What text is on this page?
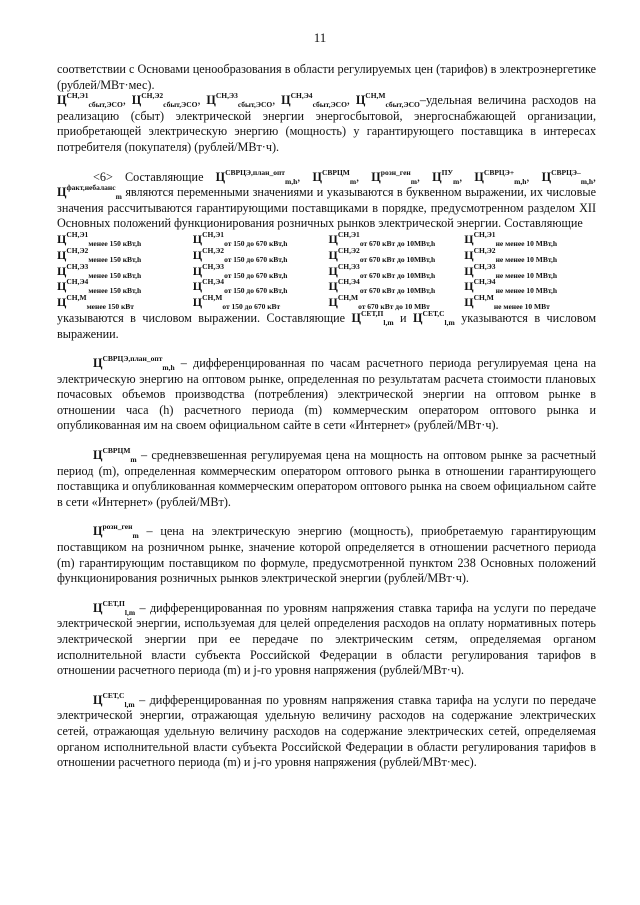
11

соответствии с Основами ценообразования в области регулируемых цен (тарифов) в электроэнергетике (рублей/МВт·мес).

$Ц^{СН,Э1}_{сбыт,ЭСО}$, $Ц^{СН,Э2}_{сбыт,ЭСО}$, $Ц^{СН,Э3}_{сбыт,ЭСО}$, $Ц^{СН,Э4}_{сбыт,ЭСО}$, $Ц^{СН,М}_{сбыт,ЭСО}$–удельная величина расходов на реализацию (сбыт) электрической энергии энергосбытовой, энергоснабжающей организации, приобретающей электрическую энергию (мощность) у гарантирующего поставщика в интересах потребителя (покупателя) (рублей/МВт·ч).

<6> Составляющие $Ц^{СВРЦЭ,план\_опт}_{m,h}$, $Ц^{СВРЦМ}_m$, $Ц^{розн\_ген}_m$, $Ц^{ПУ}_m$, $Ц^{СВРЦЭ+}_{m,h}$, $Ц^{СВРЦЭ-}_{m,h}$, $Ц^{факт,небаланс}_m$ являются переменными значениями и указываются в буквенном выражении, их числовые значения рассчитываются гарантирующими поставщиками в порядке, предусмотренном разделом XII Основных положений функционирования розничных рынков электрической энергии. Составляющие

$Ц^{СН,Э1}_{менее 150 кВт,h}$	$Ц^{СН,Э1}_{от 150 до 670 кВт,h}$	$Ц^{СН,Э1}_{от 670 кВт до 10МВт,h}$	$Ц^{СН,Э1}_{не менее 10 МВт,h}$
$Ц^{СН,Э2}_{менее 150 кВт,h}$	$Ц^{СН,Э2}_{от 150 до 670 кВт,h}$	$Ц^{СН,Э2}_{от 670 кВт до 10МВт,h}$	$Ц^{СН,Э2}_{не менее 10 МВт,h}$
$Ц^{СН,Э3}_{менее 150 кВт,h}$	$Ц^{СН,Э3}_{от 150 до 670 кВт,h}$	$Ц^{СН,Э3}_{от 670 кВт до 10МВт,h}$	$Ц^{СН,Э3}_{не менее 10 МВт,h}$
$Ц^{СН,Э4}_{менее 150 кВт,h}$	$Ц^{СН,Э4}_{от 150 до 670 кВт,h}$	$Ц^{СН,Э4}_{от 670 кВт до 10МВт,h}$	$Ц^{СН,Э4}_{не менее 10 МВт,h}$
$Ц^{СН,М}_{менее 150 кВт}$	$Ц^{СН,М}_{от 150 до 670 кВт}$	$Ц^{СН,М}_{от 670 кВт до 10 МВт}$	$Ц^{СН,М}_{не менее 10 МВт}$

указываются в числовом выражении. Составляющие $Ц^{СЕТ,П}_{l,m}$ и $Ц^{СЕТ,С}_{l,m}$ указываются в числовом выражении.

$Ц^{СВРЦЭ,план\_опт}_{m,h}$ – дифференцированная по часам расчетного периода регулируемая цена на электрическую энергию на оптовом рынке, определенная по результатам расчета стоимости плановых почасовых объемов производства (потребления) электрической энергии на оптовом рынке в отношении часа (h) расчетного периода (m) коммерческим оператором оптового рынка и опубликованная им на своем официальном сайте в сети «Интернет» (рублей/МВт·ч).

$Ц^{СВРЦМ}_m$ – средневзвешенная регулируемая цена на мощность на оптовом рынке за расчетный период (m), определенная коммерческим оператором оптового рынка в отношении гарантирующего поставщика и опубликованная коммерческим оператором оптового рынка на своем официальном сайте в сети «Интернет» (рублей/МВт).

$Ц^{розн\_ген}_m$ – цена на электрическую энергию (мощность), приобретаемую гарантирующим поставщиком на розничном рынке, значение которой определяется в отношении расчетного периода (m) гарантирующим поставщиком по формуле, предусмотренной пунктом 238 Основных положений функционирования розничных рынков электрической энергии (рублей/МВт·ч).

$Ц^{СЕТ,П}_{l,m}$ – дифференцированная по уровням напряжения ставка тарифа на услуги по передаче электрической энергии, используемая для целей определения расходов на оплату нормативных потерь электрической энергии при ее передаче по электрическим сетям, определяемая органом исполнительной власти субъекта Российской Федерации в области регулирования тарифов в отношении расчетного периода (m) и j-го уровня напряжения (рублей/МВт·ч).

$Ц^{СЕТ,С}_{l,m}$ – дифференцированная по уровням напряжения ставка тарифа на услуги по передаче электрической энергии, отражающая удельную величину расходов на содержание электрических сетей, отражающая удельную величину расходов на содержание электрических сетей, определяемая органом исполнительной власти субъекта Российской Федерации в области регулирования тарифов в отношении расчетного периода (m) и j-го уровня напряжения (рублей/МВт·мес).
